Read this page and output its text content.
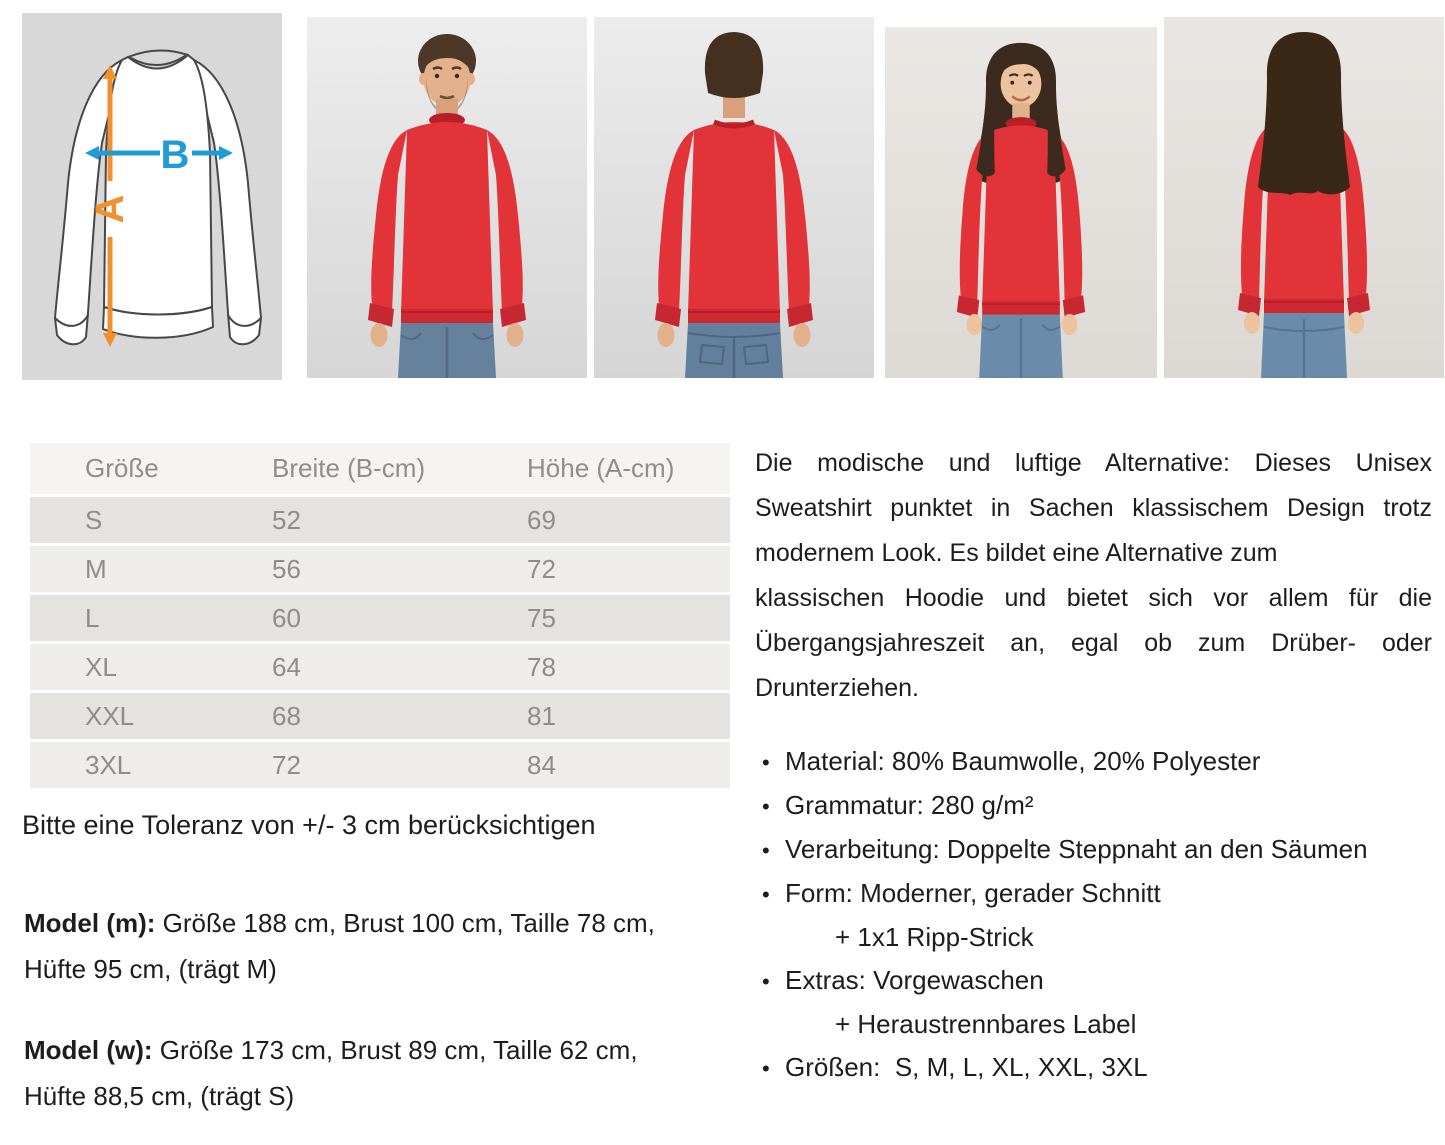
A
B
Größe	Breite (B-cm)	Höhe (A-cm)
S	52	69
M	56	72
L	60	75
XL	64	78
XXL	68	81
3XL	72	84
Bitte eine Toleranz von +/- 3 cm berücksichtigen

Model (m): Größe 188 cm, Brust 100 cm, Taille 78 cm,
Hüfte 95 cm, (trägt M)

Model (w): Größe 173 cm, Brust 89 cm, Taille 62 cm,
Hüfte 88,5 cm, (trägt S)

Die modische und luftige Alternative: Dieses Unisex
Sweatshirt punktet in Sachen klassischem Design trotz
modernem Look. Es bildet eine Alternative zum
klassischen Hoodie und bietet sich vor allem für die
Übergangsjahreszeit an, egal ob zum Drüber- oder
Drunterziehen.
• Material: 80% Baumwolle, 20% Polyester
• Grammatur: 280 g/m²
• Verarbeitung: Doppelte Steppnaht an den Säumen
• Form: Moderner, gerader Schnitt
+ 1x1 Ripp-Strick
• Extras: Vorgewaschen
+ Heraustrennbares Label
• Größen:  S, M, L, XL, XXL, 3XL
